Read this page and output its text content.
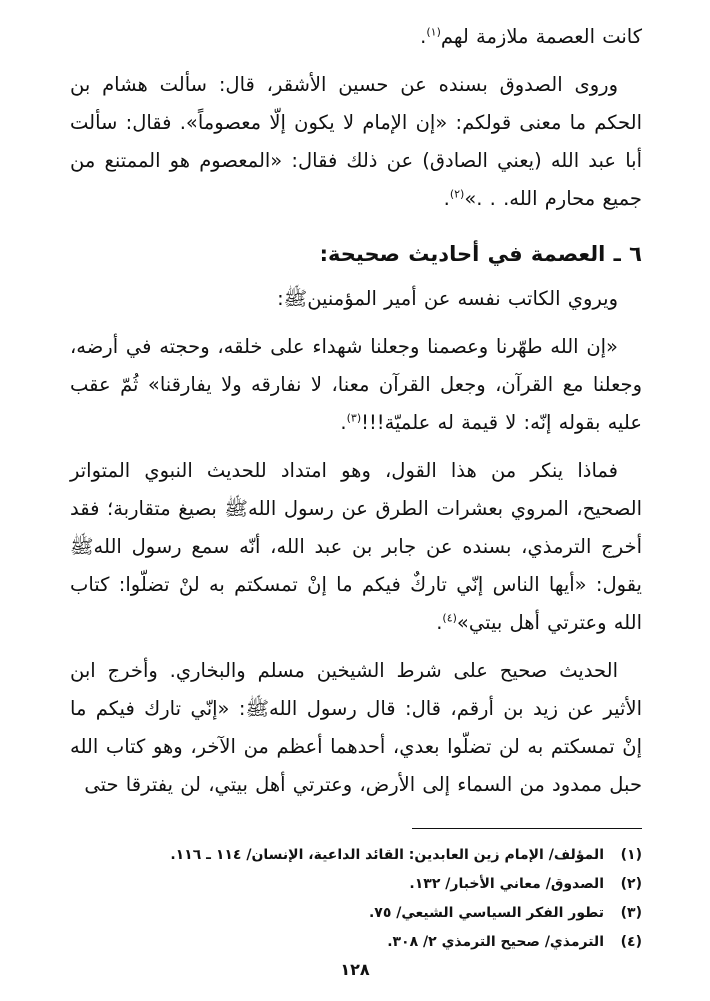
كانت العصمة ملازمة لهم$^{(١)}$.

وروى الصدوق بسنده عن حسين الأشقر، قال: سألت هشام بن الحكم ما معنى قولكم: «إن الإمام لا يكون إلّا معصوماً». فقال: سألت أبا عبد الله (يعني الصادق) عن ذلك فقال: «المعصوم هو الممتنع من جميع محارم الله. . .»$^{(٢)}$.

٦ ـ العصمة في أحاديث صحيحة:

ويروي الكاتب نفسه عن أمير المؤمنينﷺ:

«إن الله طهّرنا وعصمنا وجعلنا شهداء على خلقه، وحجته في أرضه، وجعلنا مع القرآن، وجعل القرآن معنا، لا نفارقه ولا يفارقنا» ثُمّ عقب عليه بقوله إنّه: لا قيمة له علميّة!!!$^{(٣)}$.

فماذا ينكر من هذا القول، وهو امتداد للحديث النبوي المتواتر الصحيح، المروي بعشرات الطرق عن رسول اللهﷺ بصيغ متقاربة؛ فقد أخرج الترمذي، بسنده عن جابر بن عبد الله، أنّه سمع رسول اللهﷺ يقول: «أيها الناس إنّي تاركٌ فيكم ما إنْ تمسكتم به لنْ تضلّوا: كتاب الله وعترتي أهل بيتي»$^{(٤)}$.

الحديث صحيح على شرط الشيخين مسلم والبخاري. وأخرج ابن الأثير عن زيد بن أرقم، قال: قال رسول اللهﷺ: «إنّي تارك فيكم ما إنْ تمسكتم به لن تضلّوا بعدي، أحدهما أعظم من الآخر، وهو كتاب الله حبل ممدود من السماء إلى الأرض، وعترتي أهل بيتي، لن يفترقا حتى

(١)
المؤلف/ الإمام زين العابدين: القائد الداعية، الإنسان/ ١١٤ ـ ١١٦.
(٢)
الصدوق/ معاني الأخبار/ ١٣٢.
(٣)
تطور الفكر السياسي الشيعي/ ٧٥.
(٤)
الترمذي/ صحيح الترمذي ٢/ ٣٠٨.
١٢٨
